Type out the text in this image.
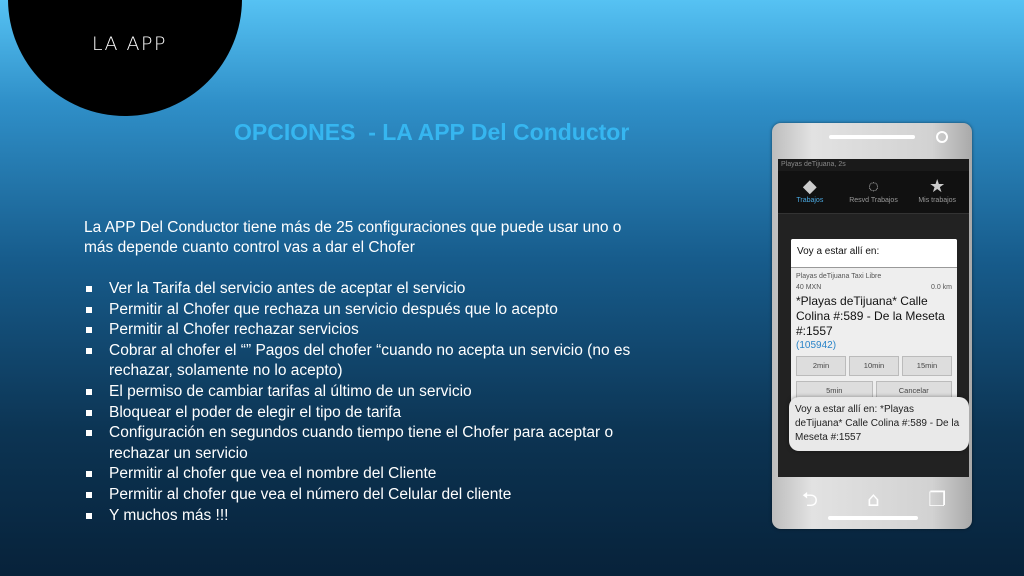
LA APP
OPCIONES  - LA APP Del Conductor
La APP Del Conductor tiene más de 25 configuraciones que puede usar uno o más depende cuanto control vas a dar el Chofer
Ver la Tarifa del servicio antes de aceptar el servicio
Permitir al Chofer que rechaza un servicio después que lo acepto
Permitir al Chofer rechazar servicios
Cobrar al chofer el “” Pagos del chofer “cuando no acepta un servicio (no es rechazar, solamente no lo acepto)
El permiso de cambiar tarifas al último de un servicio
Bloquear el poder de elegir el tipo de tarifa
Configuración en segundos cuando tiempo tiene el Chofer para aceptar o rechazar un servicio
Permitir al chofer que vea el nombre del Cliente
Permitir al chofer que vea el número del Celular del cliente
Y muchos más !!!
Playas deTijuana, 2s
◆
Trabajos
◌
Resvd Trabajos
★
Mis trabajos
Voy a estar allí en:
Playas deTijuana Taxi Libre
40 MXN	0.0 km
*Playas deTijuana* Calle Colina #:589 - De la Meseta #:1557
(105942)
2min	10min	15min
5min	Cancelar
Voy a estar allí en: *Playas deTijuana* Calle Colina #:589 - De la Meseta #:1557
⮌	⌂	❐
